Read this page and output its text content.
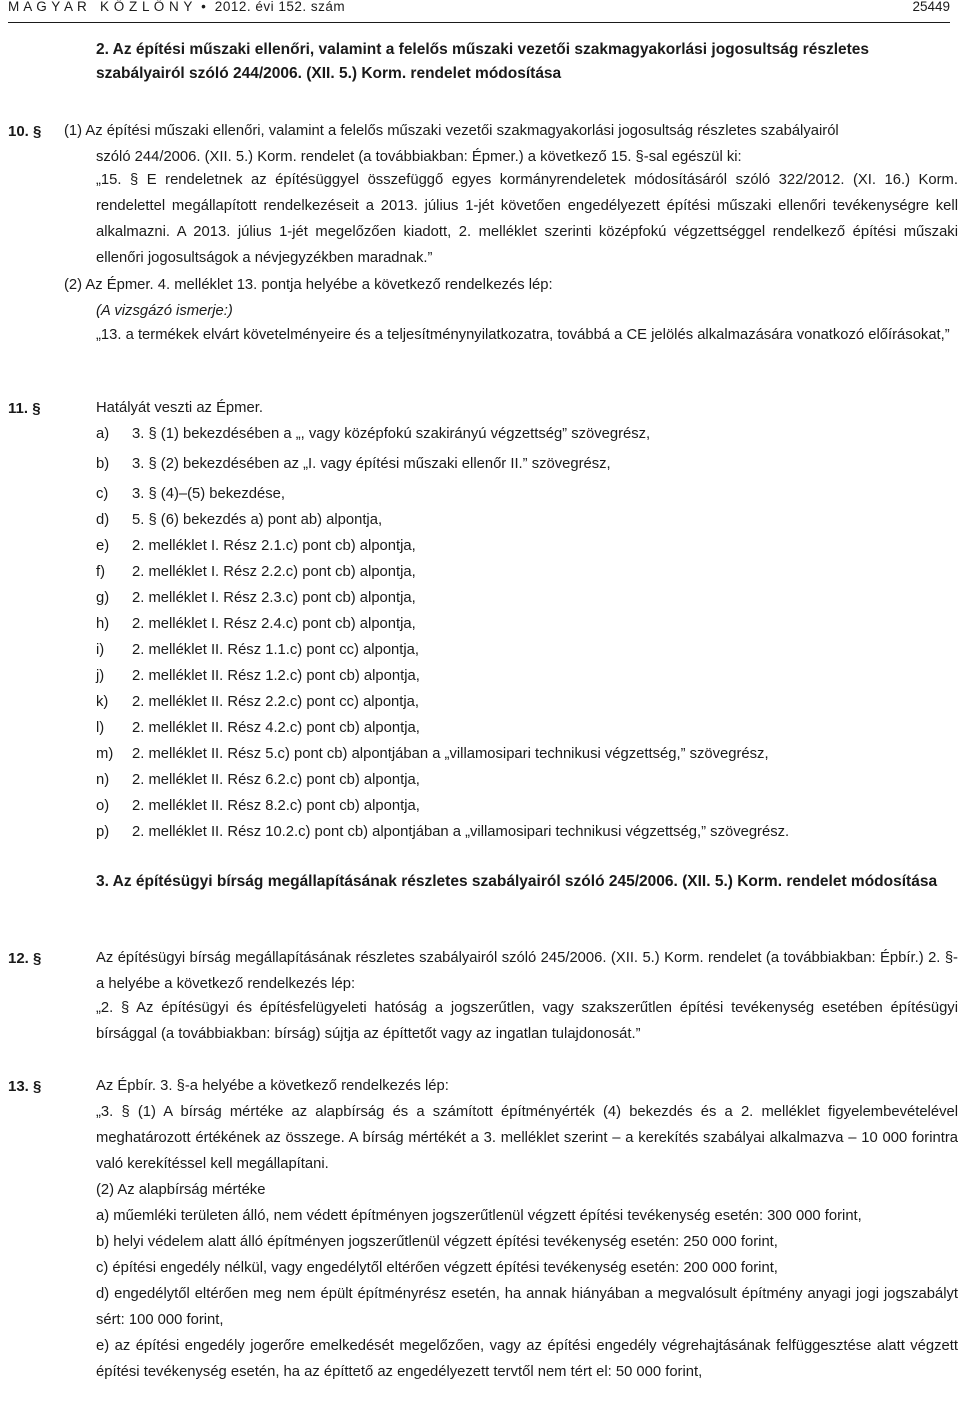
M A G Y A R   K Ö Z L Ö N Y  •  2012. évi 152. szám	25449
2. Az építési műszaki ellenőri, valamint a felelős műszaki vezetői szakmagyakorlási jogosultság részletes szabályairól szóló 244/2006. (XII. 5.) Korm. rendelet módosítása
10. § (1) Az építési műszaki ellenőri, valamint a felelős műszaki vezetői szakmagyakorlási jogosultság részletes szabályairól
szóló 244/2006. (XII. 5.) Korm. rendelet (a továbbiakban: Épmer.) a következő 15. §-sal egészül ki:
„15. § E rendeletnek az építésüggyel összefüggő egyes kormányrendeletek módosításáról szóló 322/2012. (XI. 16.) Korm. rendelettel megállapított rendelkezéseit a 2013. július 1-jét követően engedélyezett építési műszaki ellenőri tevékenységre kell alkalmazni. A 2013. július 1-jét megelőzően kiadott, 2. melléklet szerinti középfokú végzettséggel rendelkező építési műszaki ellenőri jogosultságok a névjegyzékben maradnak.”
(2) Az Épmer. 4. melléklet 13. pontja helyébe a következő rendelkezés lép:
(A vizsgázó ismerje:)
„13. a termékek elvárt követelményeire és a teljesítménynyilatkozatra, továbbá a CE jelölés alkalmazására vonatkozó előírásokat,”
11. §	Hatályát veszti az Épmer.
a) 3. § (1) bekezdésében a „, vagy középfokú szakirányú végzettség” szövegrész,
b) 3. § (2) bekezdésében az „I. vagy építési műszaki ellenőr II.” szövegrész,
c) 3. § (4)–(5) bekezdése,
d) 5. § (6) bekezdés a) pont ab) alpontja,
e) 2. melléklet I. Rész 2.1.c) pont cb) alpontja,
f) 2. melléklet I. Rész 2.2.c) pont cb) alpontja,
g) 2. melléklet I. Rész 2.3.c) pont cb) alpontja,
h) 2. melléklet I. Rész 2.4.c) pont cb) alpontja,
i) 2. melléklet II. Rész 1.1.c) pont cc) alpontja,
j) 2. melléklet II. Rész 1.2.c) pont cb) alpontja,
k) 2. melléklet II. Rész 2.2.c) pont cc) alpontja,
l) 2. melléklet II. Rész 4.2.c) pont cb) alpontja,
m) 2. melléklet II. Rész 5.c) pont cb) alpontjában a „villamosipari technikusi végzettség,” szövegrész,
n) 2. melléklet II. Rész 6.2.c) pont cb) alpontja,
o) 2. melléklet II. Rész 8.2.c) pont cb) alpontja,
p) 2. melléklet II. Rész 10.2.c) pont cb) alpontjában a „villamosipari technikusi végzettség,” szövegrész.
3. Az építésügyi bírság megállapításának részletes szabályairól szóló 245/2006. (XII. 5.) Korm. rendelet módosítása
12. §	Az építésügyi bírság megállapításának részletes szabályairól szóló 245/2006. (XII. 5.) Korm. rendelet (a továbbiakban: Épbír.) 2. §-a helyébe a következő rendelkezés lép:
„2. § Az építésügyi és építésfelügyeleti hatóság a jogszerűtlen, vagy szakszerűtlen építési tevékenység esetében építésügyi bírsággal (a továbbiakban: bírság) sújtja az építtetőt vagy az ingatlan tulajdonosát.”
13. §	Az Épbír. 3. §-a helyébe a következő rendelkezés lép:
„3. § (1) A bírság mértéke az alapbírság és a számított építményérték (4) bekezdés és a 2. melléklet figyelembevételével meghatározott értékének az összege. A bírság mértékét a 3. melléklet szerint – a kerekítés szabályai alkalmazva – 10 000 forintra való kerekítéssel kell megállapítani.
(2) Az alapbírság mértéke
a) műemléki területen álló, nem védett építményen jogszerűtlenül végzett építési tevékenység esetén: 300 000 forint,
b) helyi védelem alatt álló építményen jogszerűtlenül végzett építési tevékenység esetén: 250 000 forint,
c) építési engedély nélkül, vagy engedélytől eltérően végzett építési tevékenység esetén: 200 000 forint,
d) engedélytől eltérően meg nem épült építményrész esetén, ha annak hiányában a megvalósult építmény anyagi jogi jogszabályt sért: 100 000 forint,
e) az építési engedély jogerőre emelkedését megelőzően, vagy az építési engedély végrehajtásának felfüggesztése alatt végzett építési tevékenység esetén, ha az építtető az engedélyezett tervtől nem tért el: 50 000 forint,
